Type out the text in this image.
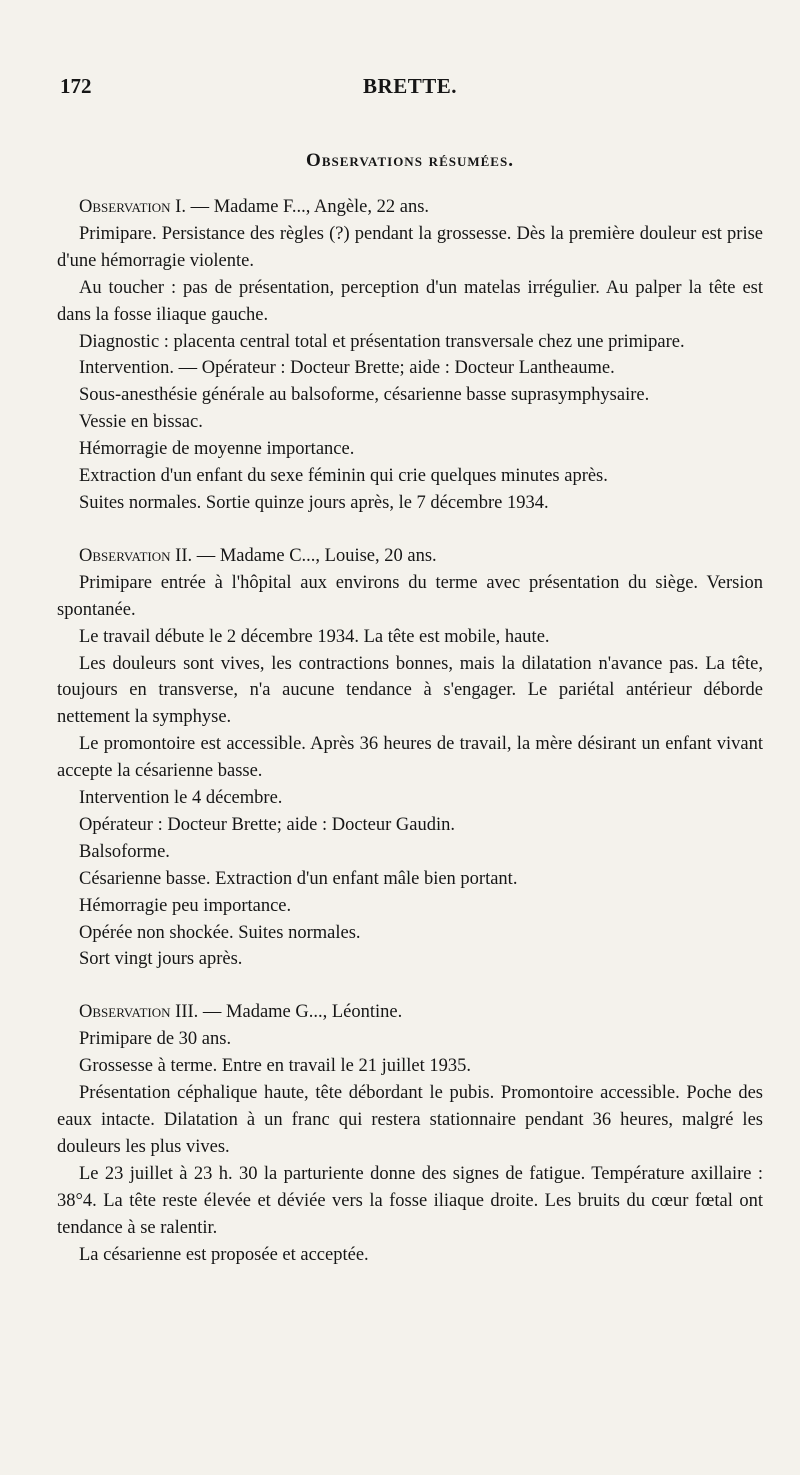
172	BRETTE.
Observations résumées.

Observation I. — Madame F..., Angèle, 22 ans.

Primipare. Persistance des règles (?) pendant la grossesse. Dès la première douleur est prise d'une hémorragie violente.

Au toucher : pas de présentation, perception d'un matelas irrégulier. Au palper la tête est dans la fosse iliaque gauche.

Diagnostic : placenta central total et présentation transversale chez une primipare.

Intervention. — Opérateur : Docteur Brette; aide : Docteur Lantheaume.

Sous-anesthésie générale au balsoforme, césarienne basse suprasymphysaire.

Vessie en bissac.

Hémorragie de moyenne importance.

Extraction d'un enfant du sexe féminin qui crie quelques minutes après.

Suites normales. Sortie quinze jours après, le 7 décembre 1934.

Observation II. — Madame C..., Louise, 20 ans.

Primipare entrée à l'hôpital aux environs du terme avec présentation du siège. Version spontanée.

Le travail débute le 2 décembre 1934. La tête est mobile, haute.

Les douleurs sont vives, les contractions bonnes, mais la dilatation n'avance pas. La tête, toujours en transverse, n'a aucune tendance à s'engager. Le pariétal antérieur déborde nettement la symphyse.

Le promontoire est accessible. Après 36 heures de travail, la mère désirant un enfant vivant accepte la césarienne basse.

Intervention le 4 décembre.

Opérateur : Docteur Brette; aide : Docteur Gaudin.

Balsoforme.

Césarienne basse. Extraction d'un enfant mâle bien portant.

Hémorragie peu importance.

Opérée non shockée. Suites normales.

Sort vingt jours après.

Observation III. — Madame G..., Léontine.

Primipare de 30 ans.

Grossesse à terme. Entre en travail le 21 juillet 1935.

Présentation céphalique haute, tête débordant le pubis. Promontoire accessible. Poche des eaux intacte. Dilatation à un franc qui restera stationnaire pendant 36 heures, malgré les douleurs les plus vives.

Le 23 juillet à 23 h. 30 la parturiente donne des signes de fatigue. Température axillaire : 38°4. La tête reste élevée et déviée vers la fosse iliaque droite. Les bruits du cœur fœtal ont tendance à se ralentir.

La césarienne est proposée et acceptée.
